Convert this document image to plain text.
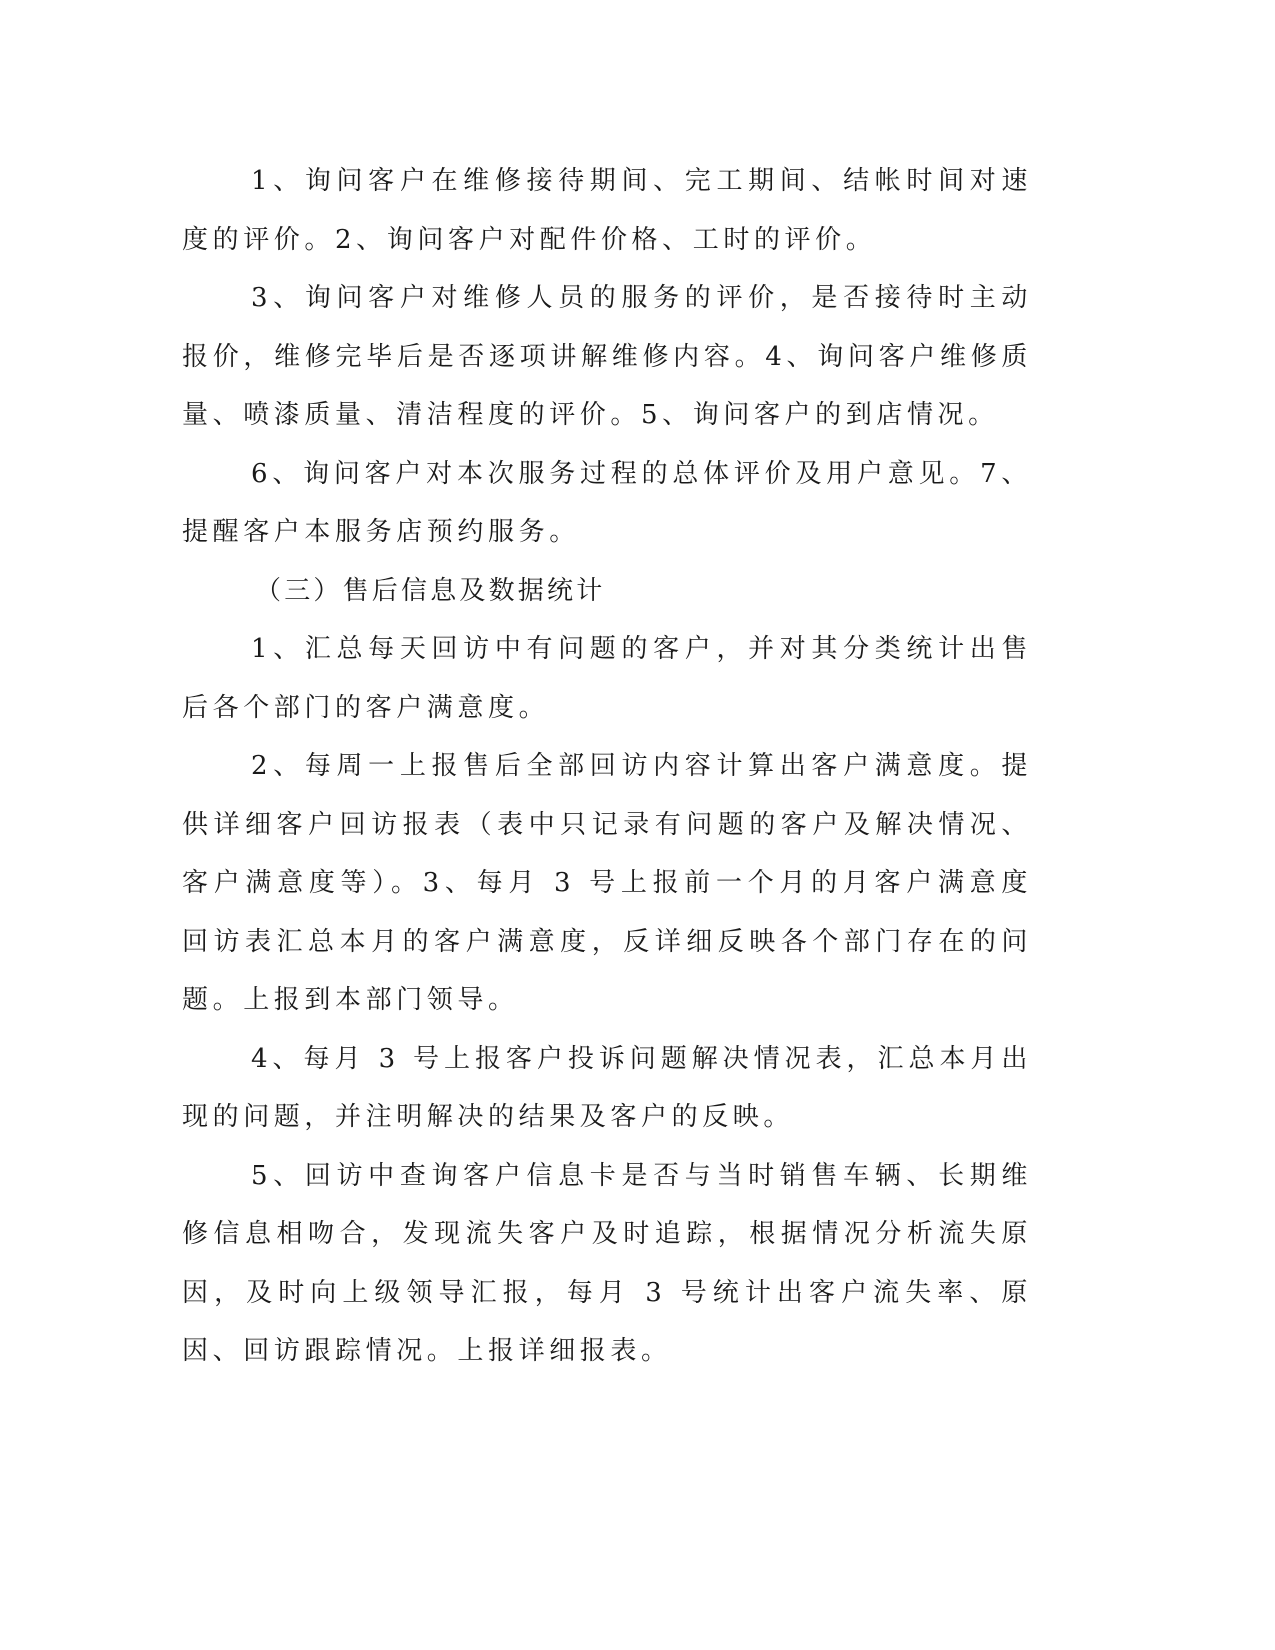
1、询问客户在维修接待期间、完工期间、结帐时间对速度的评价。2、询问客户对配件价格、工时的评价。

3、询问客户对维修人员的服务的评价，是否接待时主动报价，维修完毕后是否逐项讲解维修内容。4、询问客户维修质量、喷漆质量、清洁程度的评价。5、询问客户的到店情况。

6、询问客户对本次服务过程的总体评价及用户意见。7、提醒客户本服务店预约服务。

（三）售后信息及数据统计

1、汇总每天回访中有问题的客户，并对其分类统计出售后各个部门的客户满意度。

2、每周一上报售后全部回访内容计算出客户满意度。提供详细客户回访报表（表中只记录有问题的客户及解决情况、客户满意度等）。3、每月 3 号上报前一个月的月客户满意度回访表汇总本月的客户满意度，反详细反映各个部门存在的问题。上报到本部门领导。

4、每月 3 号上报客户投诉问题解决情况表，汇总本月出现的问题，并注明解决的结果及客户的反映。

5、回访中查询客户信息卡是否与当时销售车辆、长期维修信息相吻合，发现流失客户及时追踪，根据情况分析流失原因，及时向上级领导汇报，每月 3 号统计出客户流失率、原因、回访跟踪情况。上报详细报表。
